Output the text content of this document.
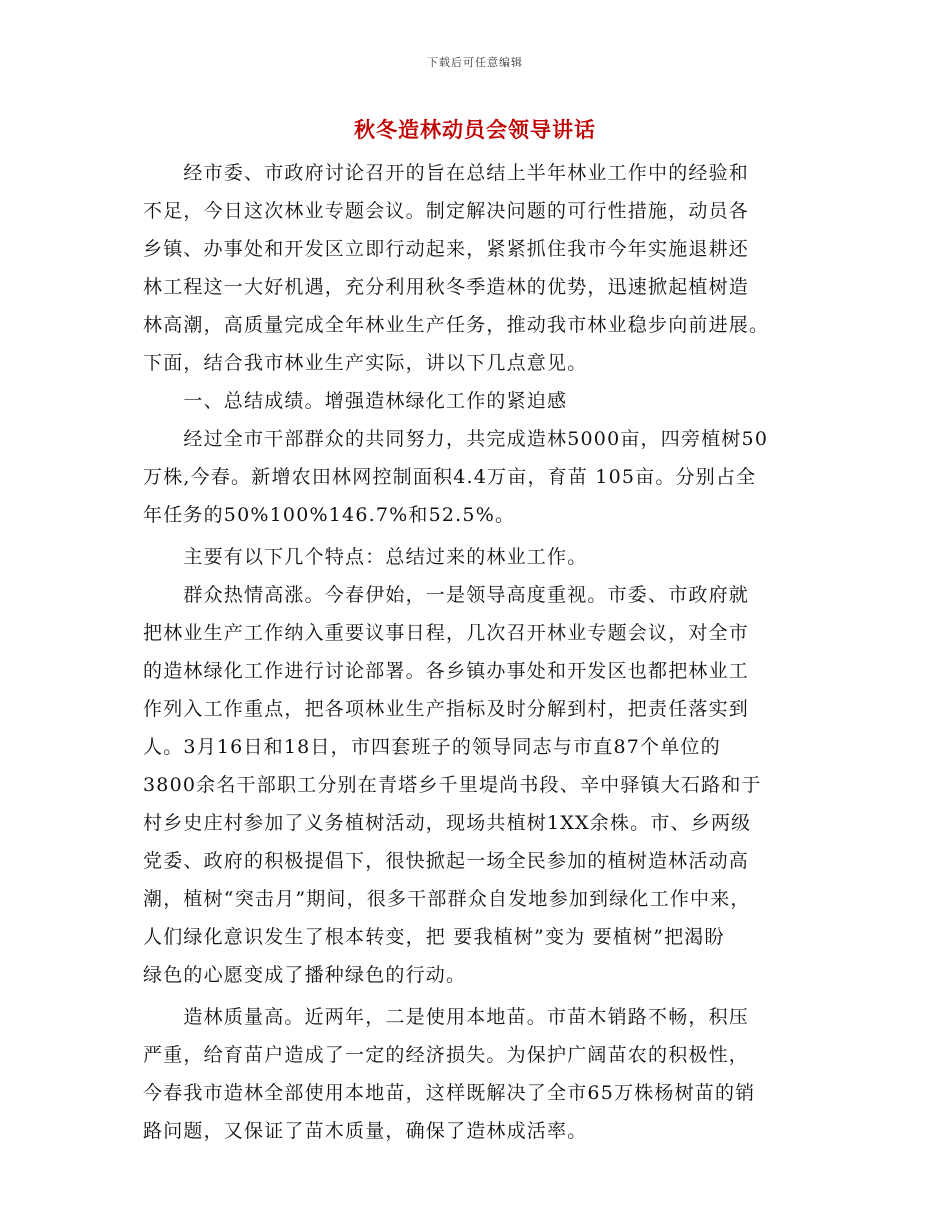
下载后可任意编辑
秋冬造林动员会领导讲话
　　经市委、市政府讨论召开的旨在总结上半年林业工作中的经验和
不足，今日这次林业专题会议。制定解决问题的可行性措施，动员各
乡镇、办事处和开发区立即行动起来，紧紧抓住我市今年实施退耕还
林工程这一大好机遇，充分利用秋冬季造林的优势，迅速掀起植树造
林高潮，高质量完成全年林业生产任务，推动我市林业稳步向前进展。
下面，结合我市林业生产实际，讲以下几点意见。
　　一、总结成绩。增强造林绿化工作的紧迫感
　　经过全市干部群众的共同努力，共完成造林5000亩，四旁植树50
万株,今春。新增农田林网控制面积4.4万亩，育苗 105亩。分别占全
年任务的50%100%146.7%和52.5%。
　　主要有以下几个特点：总结过来的林业工作。
　　群众热情高涨。今春伊始，一是领导高度重视。市委、市政府就
把林业生产工作纳入重要议事日程，几次召开林业专题会议，对全市
的造林绿化工作进行讨论部署。各乡镇办事处和开发区也都把林业工
作列入工作重点，把各项林业生产指标及时分解到村，把责任落实到
人。3月16日和18日，市四套班子的领导同志与市直87个单位的
3800余名干部职工分别在青塔乡千里堤尚书段、辛中驿镇大石路和于
村乡史庄村参加了义务植树活动，现场共植树1XX余株。市、乡两级
党委、政府的积极提倡下，很快掀起一场全民参加的植树造林活动高
潮，植树“突击月”期间，很多干部群众自发地参加到绿化工作中来，
人们绿化意识发生了根本转变，把 要我植树”变为 要植树”把渴盼
绿色的心愿变成了播种绿色的行动。
　　造林质量高。近两年，二是使用本地苗。市苗木销路不畅，积压
严重，给育苗户造成了一定的经济损失。为保护广阔苗农的积极性，
今春我市造林全部使用本地苗，这样既解决了全市65万株杨树苗的销
路问题，又保证了苗木质量，确保了造林成活率。
